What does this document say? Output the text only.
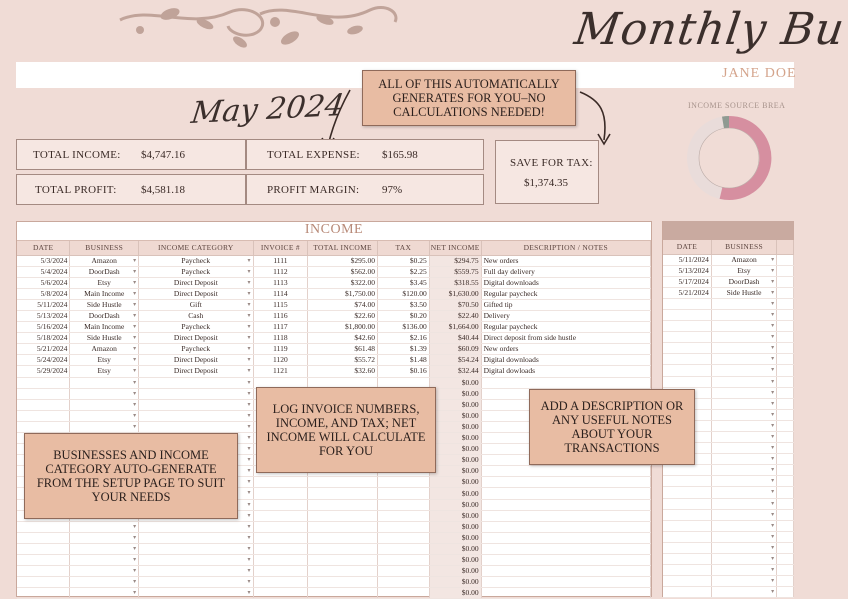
Monthly Bu
JANE DOE
May 2024
ALL OF THIS AUTOMATICALLY GENERATES FOR YOU–NO CALCULATIONS NEEDED!
TOTAL INCOME: $4,747.16	TOTAL EXPENSE: $165.98
TOTAL PROFIT: $4,581.18	PROFIT MARGIN: 97%
SAVE FOR TAX:
$1,374.35
INCOME SOURCE BREA
INCOME
DATE	BUSINESS	INCOME CATEGORY	INVOICE #	TOTAL INCOME	TAX	NET INCOME	DESCRIPTION / NOTES
5/3/2024	Amazon ▾	Paycheck ▾	1111	$295.00	$0.25	$294.75	New orders
5/4/2024	DoorDash ▾	Paycheck ▾	1112	$562.00	$2.25	$559.75	Full day delivery
5/6/2024	Etsy ▾	Direct Deposit ▾	1113	$322.00	$3.45	$318.55	Digital downloads
5/8/2024	Main Income ▾	Direct Deposit ▾	1114	$1,750.00	$120.00	$1,630.00	Regular paycheck
5/11/2024	Side Hustle ▾	Gift ▾	1115	$74.00	$3.50	$70.50	Gifted tip
5/13/2024	DoorDash ▾	Cash ▾	1116	$22.60	$0.20	$22.40	Delivery
5/16/2024	Main Income ▾	Paycheck ▾	1117	$1,800.00	$136.00	$1,664.00	Regular paycheck
5/18/2024	Side Hustle ▾	Direct Deposit ▾	1118	$42.60	$2.16	$40.44	Direct deposit from side hustle
5/21/2024	Amazon ▾	Paycheck ▾	1119	$61.48	$1.39	$60.09	New orders
5/24/2024	Etsy ▾	Direct Deposit ▾	1120	$55.72	$1.48	$54.24	Digital downloads
5/29/2024	Etsy ▾	Direct Deposit ▾	1121	$32.60	$0.16	$32.44	Digital dowloads
	▾	▾				$0.00	
	▾	▾				$0.00	
	▾	▾				$0.00	
	▾	▾				$0.00	
	▾	▾				$0.00	
	▾	▾				$0.00	
	▾	▾				$0.00	
	▾	▾				$0.00	
	▾	▾				$0.00	
	▾	▾				$0.00	
	▾	▾				$0.00	
	▾	▾				$0.00	
	▾	▾				$0.00	
	▾	▾				$0.00	
	▾	▾				$0.00	
	▾	▾				$0.00	
	▾	▾				$0.00	
	▾	▾				$0.00	
	▾	▾				$0.00	
	▾	▾				$0.00	
DATE	BUSINESS	
5/11/2024	Amazon ▾	
5/13/2024	Etsy ▾	
5/17/2024	DoorDash ▾	
5/21/2024	Side Hustle ▾	
	▾	
	▾	
	▾	
	▾	
	▾	
	▾	
	▾	
	▾	
	▾	
	▾	
	▾	
	▾	
	▾	
	▾	
	▾	
	▾	
	▾	
	▾	
	▾	
	▾	
	▾	
	▾	
	▾	
	▾	
	▾	
	▾	
	▾	
LOG INVOICE NUMBERS, INCOME, AND TAX; NET INCOME WILL CALCULATE FOR YOU
ADD A DESCRIPTION OR ANY USEFUL NOTES ABOUT YOUR TRANSACTIONS
BUSINESSES AND INCOME CATEGORY AUTO-GENERATE FROM THE SETUP PAGE TO SUIT YOUR NEEDS
